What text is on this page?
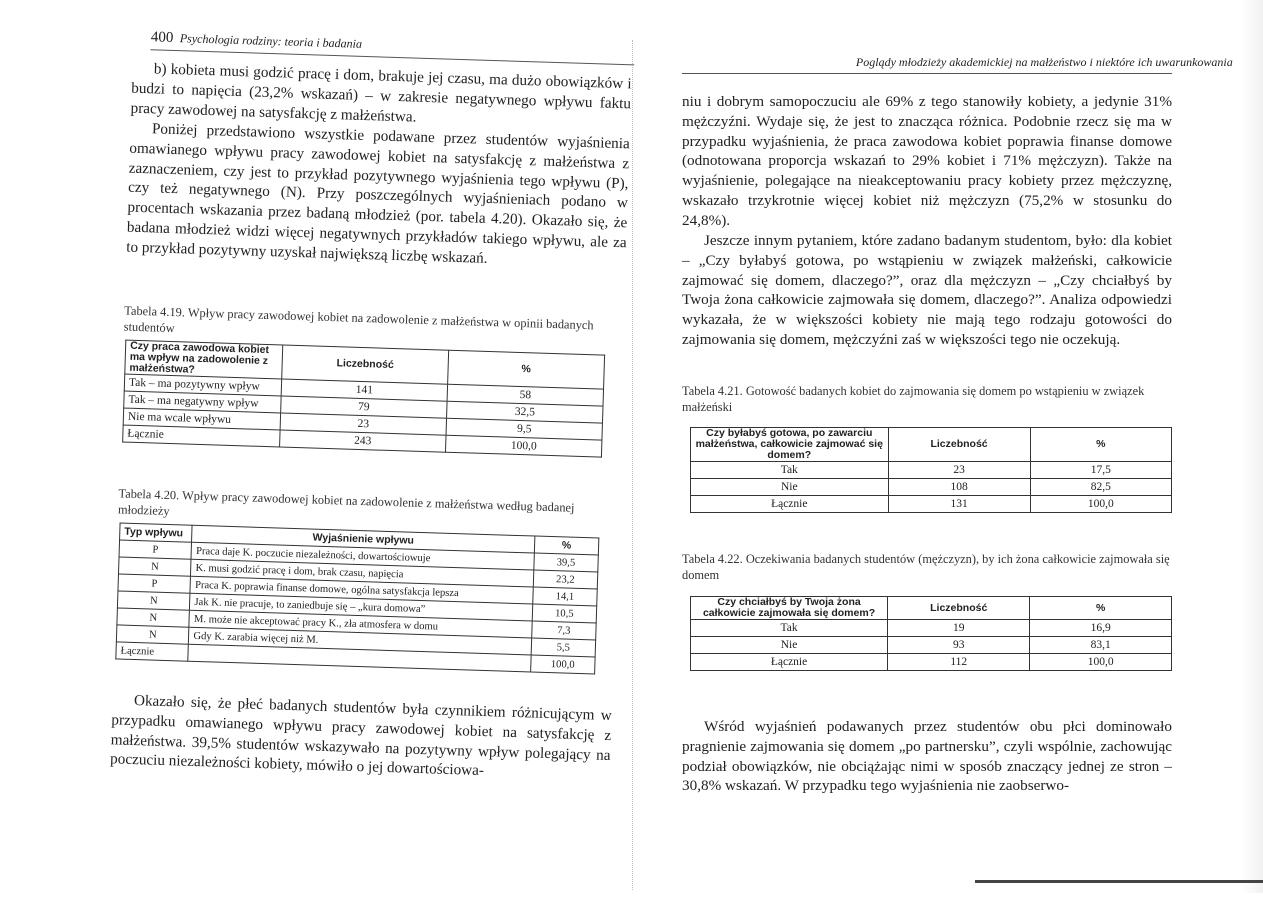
400 Psychologia rodziny: teoria i badania

b) kobieta musi godzić pracę i dom, brakuje jej czasu, ma dużo obowiązków i budzi to napięcia (23,2% wskazań) – w zakresie negatywnego wpływu faktu pracy zawodowej na satysfakcję z małżeństwa.

Poniżej przedstawiono wszystkie podawane przez studentów wyjaśnienia omawianego wpływu pracy zawodowej kobiet na satysfakcję z małżeństwa z zaznaczeniem, czy jest to przykład pozytywnego wyjaśnienia tego wpływu (P), czy też negatywnego (N). Przy poszczególnych wyjaśnieniach podano w procentach wskazania przez badaną młodzież (por. tabela 4.20). Okazało się, że badana młodzież widzi więcej negatywnych przykładów takiego wpływu, ale za to przykład pozytywny uzyskał największą liczbę wskazań.

Tabela 4.19. Wpływ pracy zawodowej kobiet na zadowolenie z małżeństwa w opinii badanych studentów
Czy praca zawodowa kobiet ma wpływ na zadowolenie z małżeństwa?	Liczebność	%
Tak – ma pozytywny wpływ	141	58
Tak – ma negatywny wpływ	79	32,5
Nie ma wcale wpływu	23	9,5
Łącznie	243	100,0
Tabela 4.20. Wpływ pracy zawodowej kobiet na zadowolenie z małżeństwa według badanej młodzieży
Typ wpływu	Wyjaśnienie wpływu	%
P	Praca daje K. poczucie niezależności, dowartościowuje	39,5
N	K. musi godzić pracę i dom, brak czasu, napięcia	23,2
P	Praca K. poprawia finanse domowe, ogólna satysfakcja lepsza	14,1
N	Jak K. nie pracuje, to zaniedbuje się – „kura domowa”	10,5
N	M. może nie akceptować pracy K., zła atmosfera w domu	7,3
N	Gdy K. zarabia więcej niż M.	5,5
Łącznie		100,0

Okazało się, że płeć badanych studentów była czynnikiem różnicującym w przypadku omawianego wpływu pracy zawodowej kobiet na satysfakcję z małżeństwa. 39,5% studentów wskazywało na pozytywny wpływ polegający na poczuciu niezależności kobiety, mówiło o jej dowartościowa-

Poglądy młodzieży akademickiej na małżeństwo i niektóre ich uwarunkowania

niu i dobrym samopoczuciu ale 69% z tego stanowiły kobiety, a jedynie 31% mężczyźni. Wydaje się, że jest to znacząca różnica. Podobnie rzecz się ma w przypadku wyjaśnienia, że praca zawodowa kobiet poprawia finanse domowe (odnotowana proporcja wskazań to 29% kobiet i 71% mężczyzn). Także na wyjaśnienie, polegające na nieakceptowaniu pracy kobiety przez mężczyznę, wskazało trzykrotnie więcej kobiet niż mężczyzn (75,2% w stosunku do 24,8%).

Jeszcze innym pytaniem, które zadano badanym studentom, było: dla kobiet – „Czy byłabyś gotowa, po wstąpieniu w związek małżeński, całkowicie zajmować się domem, dlaczego?”, oraz dla mężczyzn – „Czy chciałbyś by Twoja żona całkowicie zajmowała się domem, dlaczego?”. Analiza odpowiedzi wykazała, że w większości kobiety nie mają tego rodzaju gotowości do zajmowania się domem, mężczyźni zaś w większości tego nie oczekują.

Tabela 4.21. Gotowość badanych kobiet do zajmowania się domem po wstąpieniu w związek małżeński
Czy byłabyś gotowa, po zawarciu małżeństwa, całkowicie zajmować się domem?	Liczebność	%
Tak	23	17,5
Nie	108	82,5
Łącznie	131	100,0
Tabela 4.22. Oczekiwania badanych studentów (mężczyzn), by ich żona całkowicie zajmowała się domem
Czy chciałbyś by Twoja żona całkowicie zajmowała się domem?	Liczebność	%
Tak	19	16,9
Nie	93	83,1
Łącznie	112	100,0

Wśród wyjaśnień podawanych przez studentów obu płci dominowało pragnienie zajmowania się domem „po partnersku”, czyli wspólnie, zachowując podział obowiązków, nie obciążając nimi w sposób znaczący jednej ze stron – 30,8% wskazań. W przypadku tego wyjaśnienia nie zaobserwo-
